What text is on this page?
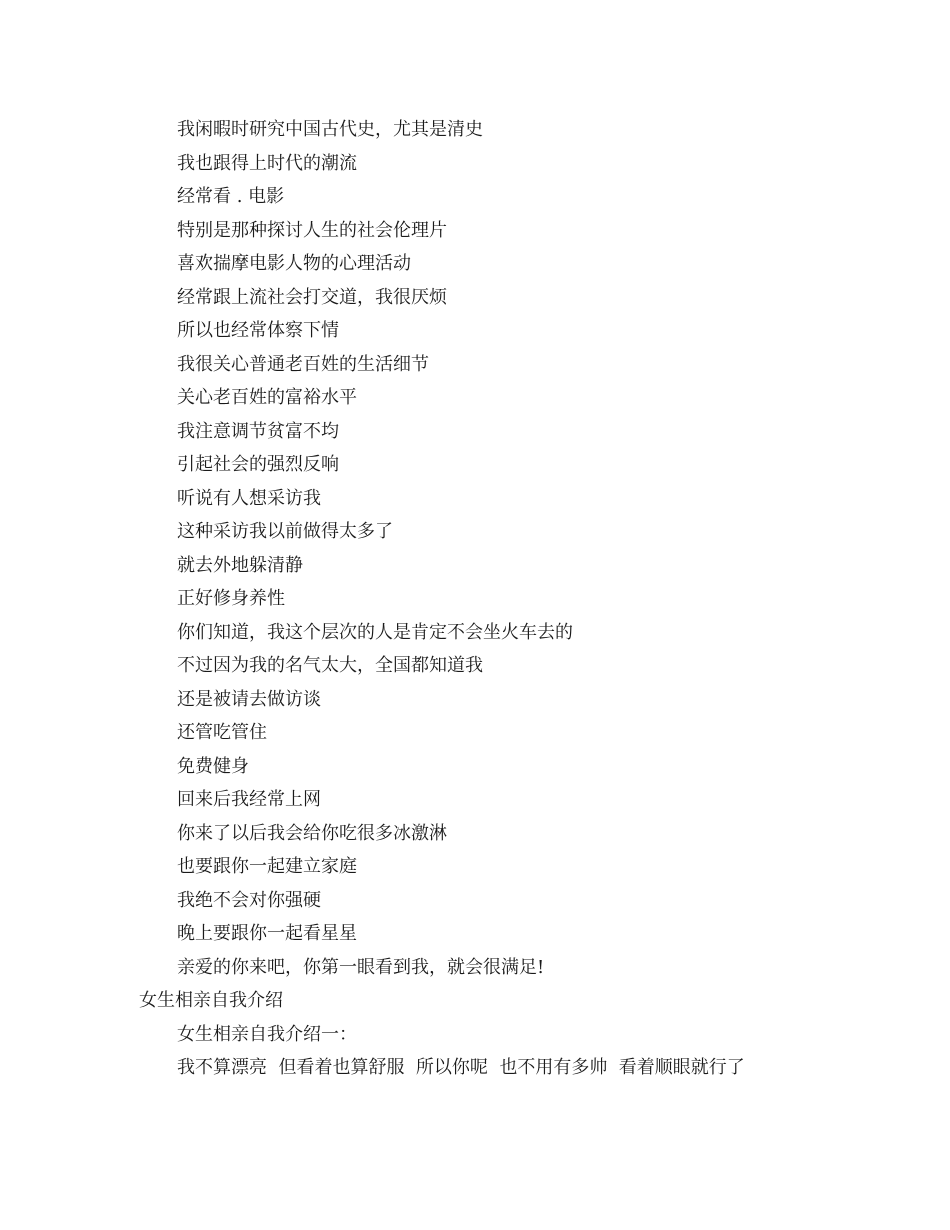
我闲暇时研究中国古代史，尤其是清史
我也跟得上时代的潮流
经常看 . 电影
特别是那种探讨人生的社会伦理片
喜欢揣摩电影人物的心理活动
经常跟上流社会打交道，我很厌烦
所以也经常体察下情
我很关心普通老百姓的生活细节
关心老百姓的富裕水平
我注意调节贫富不均
引起社会的强烈反响
听说有人想采访我
这种采访我以前做得太多了
就去外地躲清静
正好修身养性
你们知道，我这个层次的人是肯定不会坐火车去的
不过因为我的名气太大，全国都知道我
还是被请去做访谈
还管吃管住
免费健身
回来后我经常上网
你来了以后我会给你吃很多冰激淋
也要跟你一起建立家庭
我绝不会对你强硬
晚上要跟你一起看星星
亲爱的你来吧，你第一眼看到我，就会很满足!
女生相亲自我介绍
女生相亲自我介绍一：
我不算漂亮  但看着也算舒服  所以你呢  也不用有多帅  看着顺眼就行了
